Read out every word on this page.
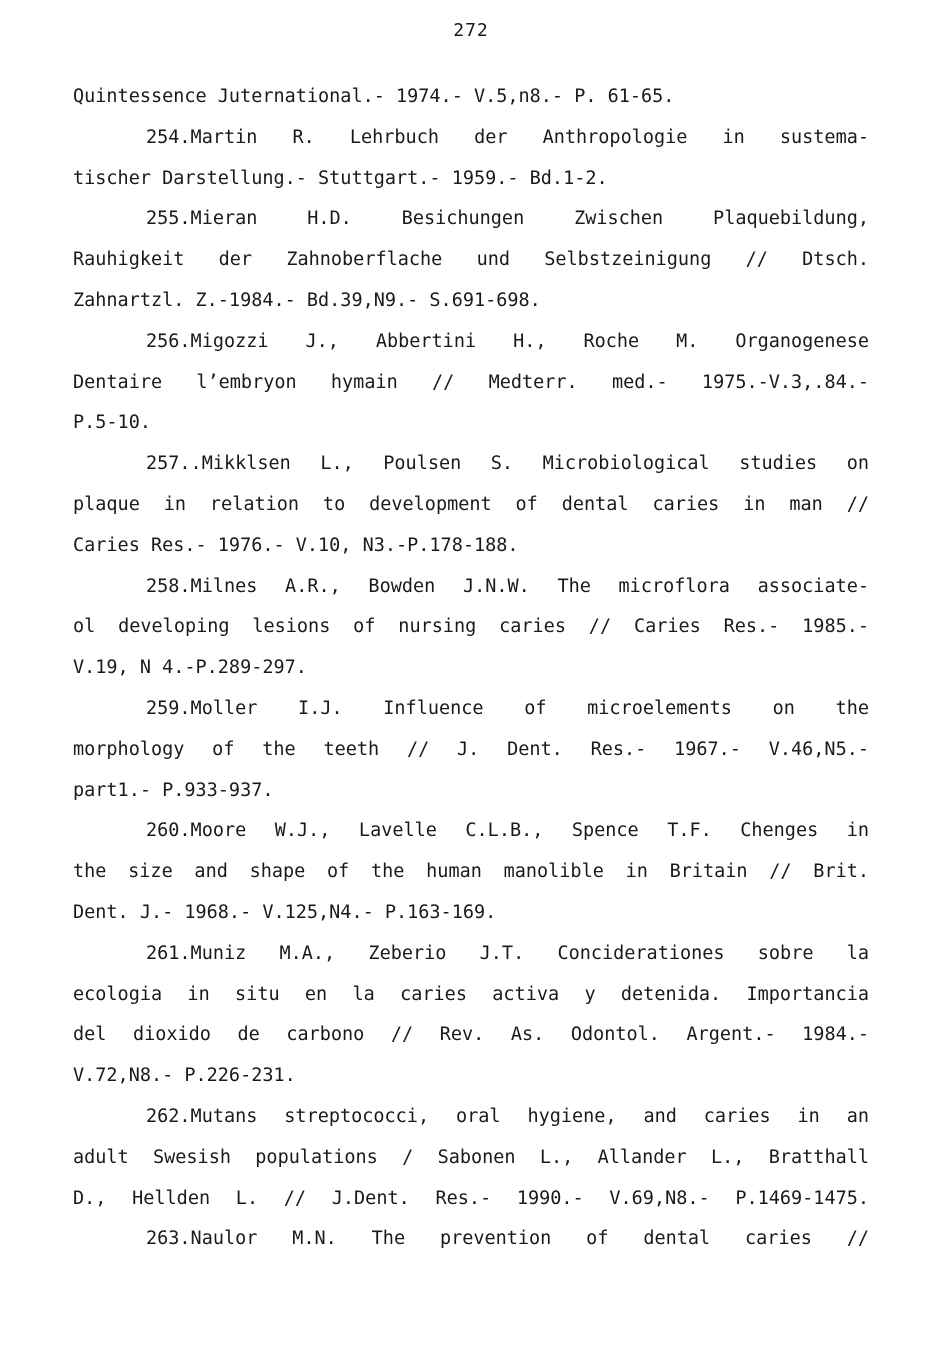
272
Quintessence Juternational.- 1974.- V.5,n8.- P. 61-65.
254.Martin R. Lehrbuch der Anthropologie in sustema-
tischer Darstellung.- Stuttgart.- 1959.- Bd.1-2.
255.Mieran H.D. Besichungen Zwischen Plaquebildung,
Rauhigkeit der Zahnoberflache und Selbstzeinigung // Dtsch.
Zahnartzl. Z.-1984.- Bd.39,N9.- S.691-698.
256.Migozzi J., Abbertini H., Roche M. Organogenese
Dentaire l’embryon hymain // Medterr. med.- 1975.-V.3,.84.-
P.5-10.
257..Mikklsen L., Poulsen S. Microbiological studies on
plaque in relation to development of dental caries in man //
Caries Res.- 1976.- V.10, N3.-P.178-188.
258.Milnes A.R., Bowden J.N.W. The microflora associate-
ol developing lesions of nursing caries // Caries Res.- 1985.-
V.19, N 4.-P.289-297.
259.Moller I.J. Influence of microelements on the
morphology of the teeth // J. Dent. Res.- 1967.- V.46,N5.-
part1.- P.933-937.
260.Moore W.J., Lavelle C.L.B., Spence T.F. Chenges in
the size and shape of the human manolible in Britain // Brit.
Dent. J.- 1968.- V.125,N4.- P.163-169.
261.Muniz M.A., Zeberio J.T. Conciderationes sobre la
ecologia in situ en la caries activa y detenida. Importancia
del dioxido de carbono // Rev. As. Odontol. Argent.- 1984.-
V.72,N8.- P.226-231.
262.Mutans streptococci, oral hygiene, and caries in an
adult Swesish populations / Sabonen L., Allander L., Bratthall
D., Hellden L. // J.Dent. Res.- 1990.- V.69,N8.- P.1469-1475.
263.Naulor M.N. The prevention of dental caries //
